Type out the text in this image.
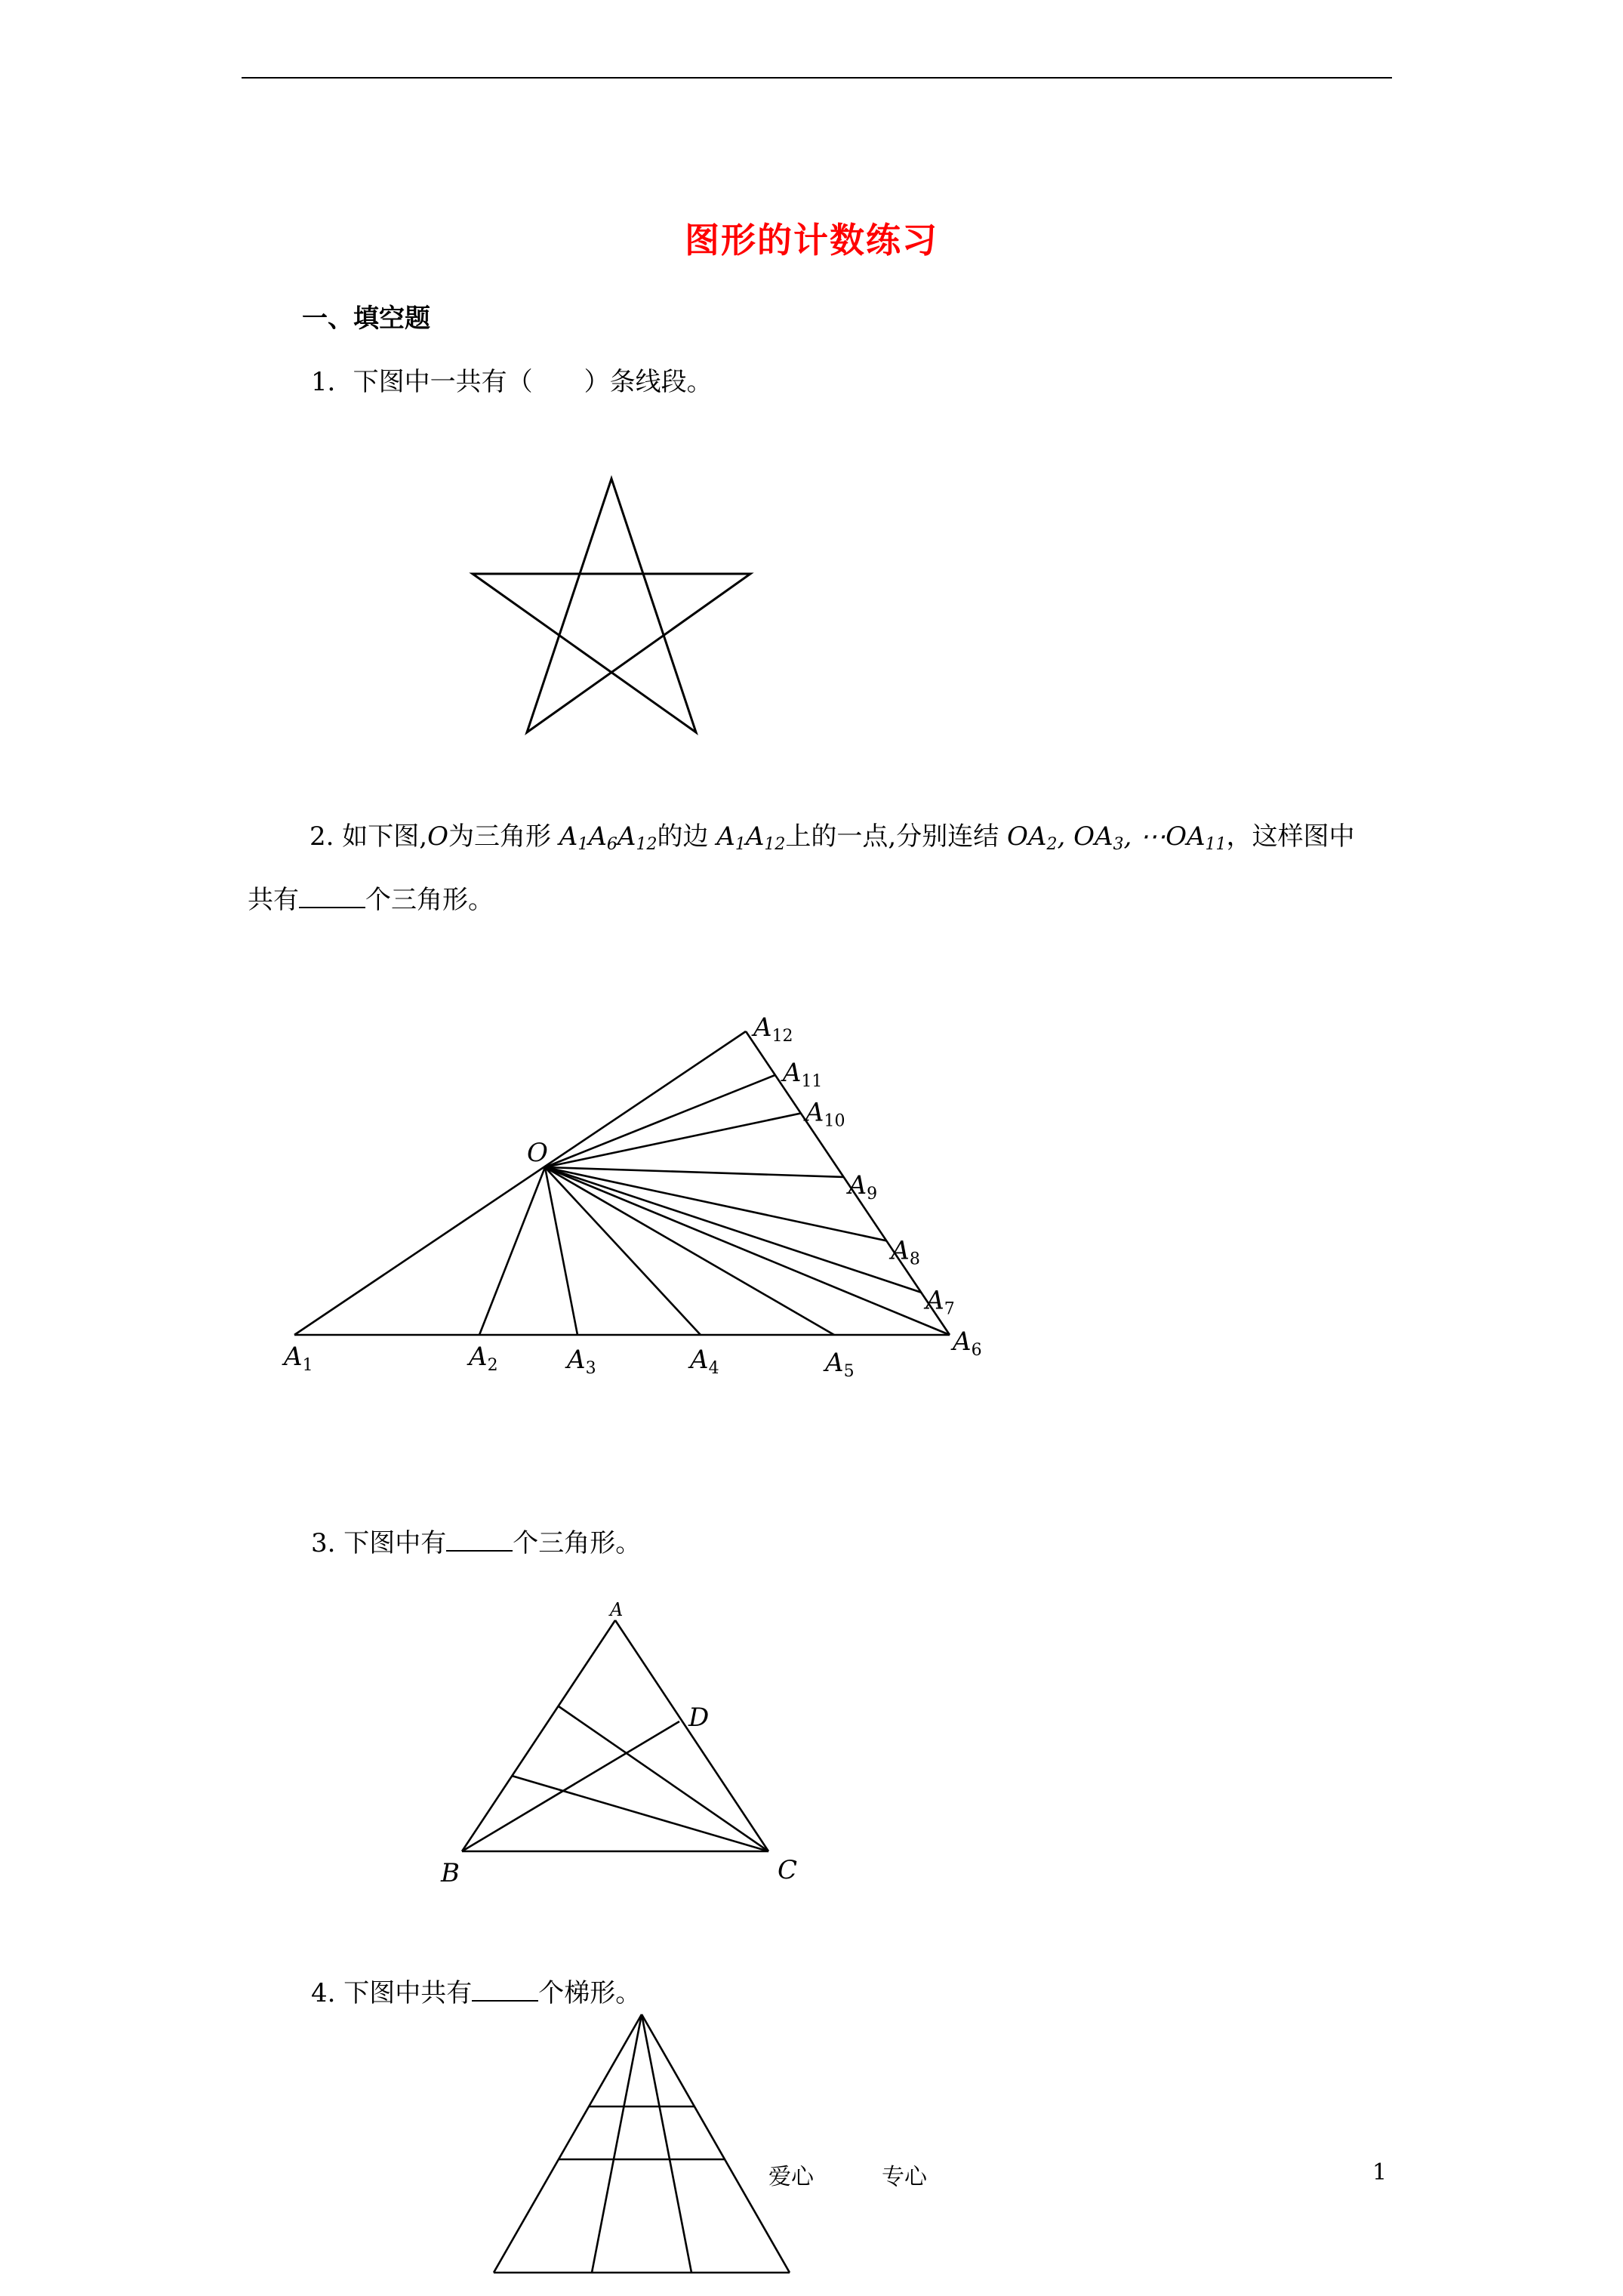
图形的计数练习
一、填空题
1．下图中一共有（　　）条线段。
2. 如下图,O为三角形 $A_1A_6A_{12}$的边 $A_1A_{12}$上的一点,分别连结 $OA_2$, $OA_3$, $\cdots OA_{11}$，这样图中
共有	个三角形。
O
$A_1$	$A_2$	$A_3$	$A_4$	$A_5$
$A_6$
$A_7$
$A_8$
$A_9$
$A_{10}$
$A_{11}$
$A_{12}$
3. 下图中有	个三角形。
A
B	C
D
4. 下图中共有	个梯形。
爱心　　　	专心	1
